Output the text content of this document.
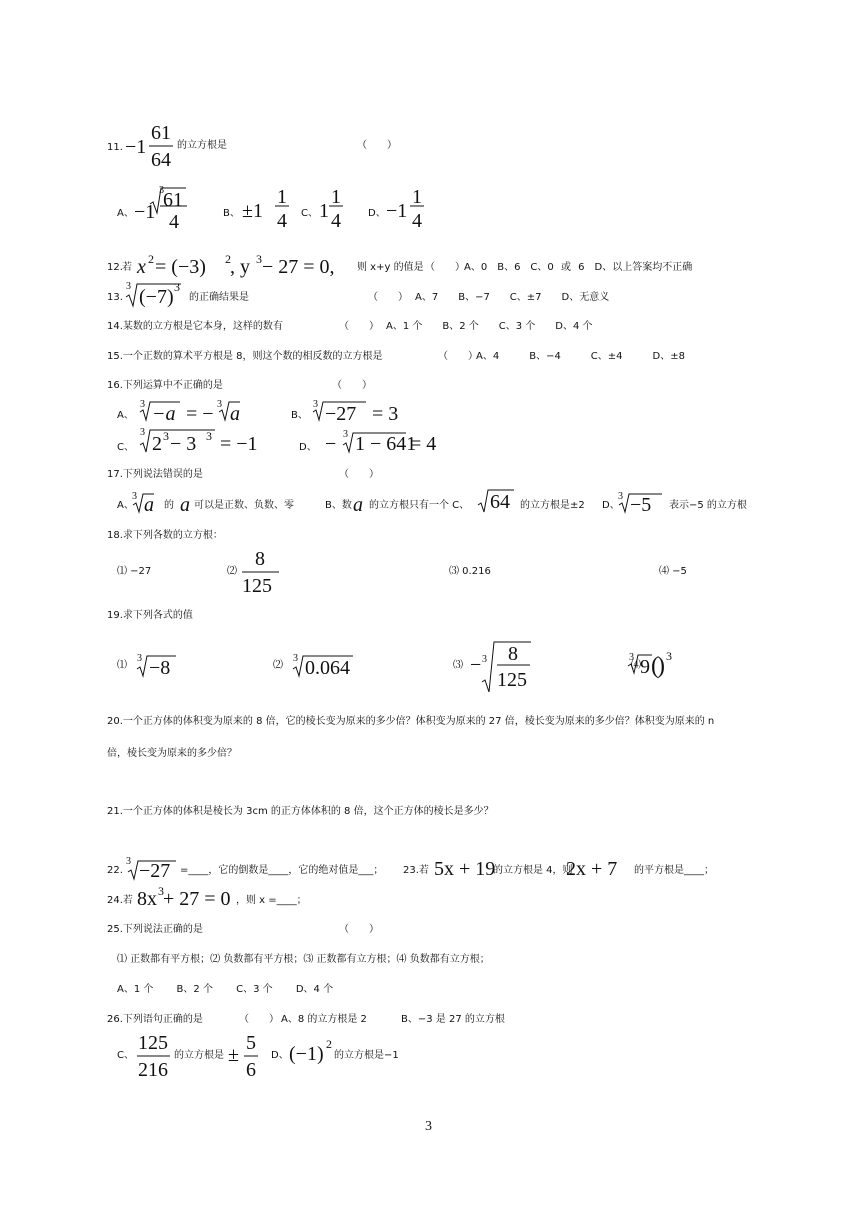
11. −1
61
64
的立方根是	（　　）
A、 −1
3 61
4	B、 ±1
1
4 C、 1
1
4	D、 −1
1
4
12. 若 x 2 = (−3) 2 , y 3 − 27 = 0, 则 x+y 的值是 （　　） A、0　B、6　C、0 或 6　D、以上答案均不正确
13.
3 (−7) 3
的正确结果是	（　　） A、7　　B、−7　　C、±7　　D、无意义
14.某数的立方根是它本身，这样的数有	（　　） A、1 个　　B、2 个　　C、3 个　　D、4 个
15.一个正数的算术平方根是 8，则这个数的相反数的立方根是	（　　）
A、4　　　B、−4　　　C、±4　　　D、±8
16.下列运算中不正确的是	（　　）
A、
3 −a = − 3 a	B、
3 −27 = 3
C、
3
2 3 − 3 3 = −1	D、 − 3 1 − 641
= 4
17.下列说法错误的是	（　　）
A、
3 a 的 a 可以是正数、负数、零	B、数 a 的立方根只有一个 C、 64 的立方根是±2 D、
3 −5 表示−5 的立方根
18.求下列各数的立方根：
⑴ −27	⑵
8
125
⑶ 0.216	⑷ −5
19.求下列各式的值
⑴
3 −8	⑵
3 0.064	⑶ − 3 8
125
⑷ (
3 9 ) 3
20.一个正方体的体积变为原来的 8 倍，它的棱长变为原来的多少倍？体积变为原来的 27 倍，棱长变为原来的多少倍？体积变为原来的 n
倍，棱长变为原来的多少倍？
21.一个正方体的体积是棱长为 3cm 的正方体体积的 8 倍，这个正方体的棱长是多少？
22.
3 −27 =____，它的倒数是____，它的绝对值是___； 23.若 5x + 19
的立方根是 4，则
2x + 7 的平方根是____；
24.若 8x 3 + 27 = 0 ，则 x =____；
25.下列说法正确的是	（　　）
⑴ 正数都有平方根；⑵ 负数都有平方根；⑶ 正数都有立方根；⑷ 负数都有立方根；
A、1 个　　 B、2 个　　 C、3 个　　 D、4 个
26.下列语句正确的是	（　　） A、8 的立方根是 2	B、−3 是 27 的立方根
C、
125
216
的立方根是 ±
5
6
D、 (−1) 2
的立方根是−1
3
